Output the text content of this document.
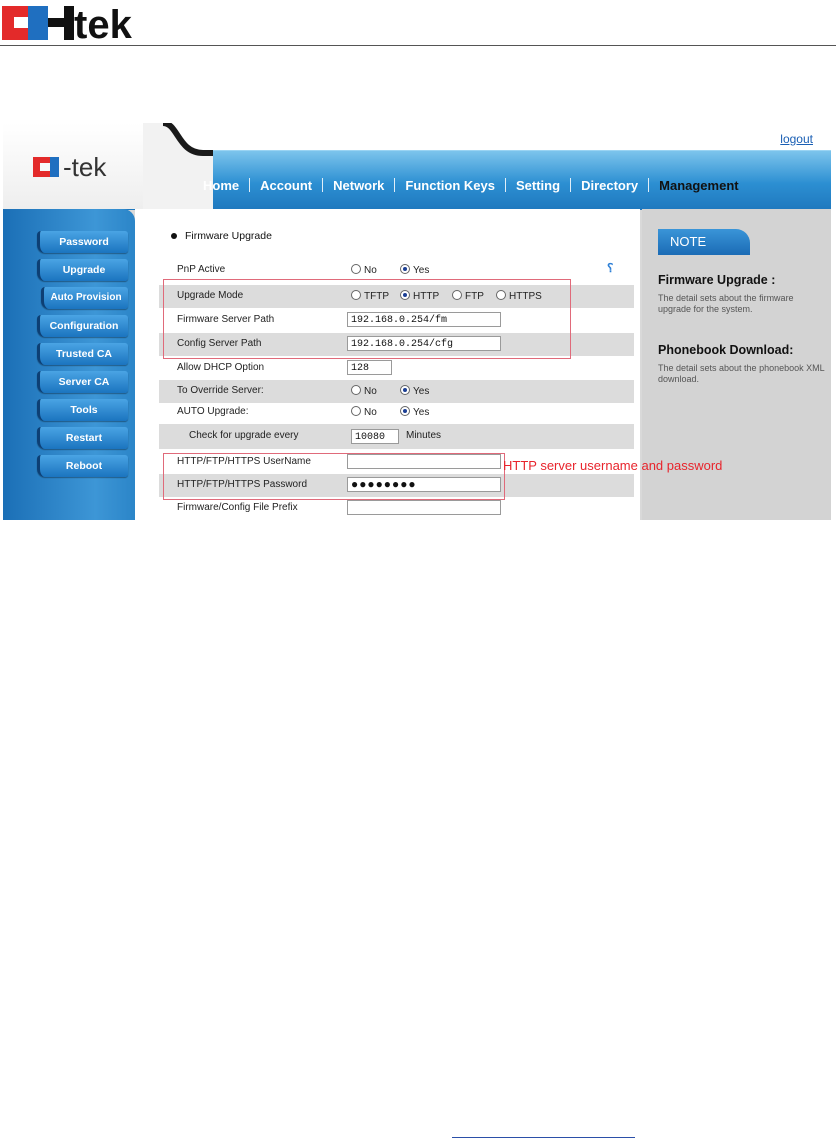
tek
-tek
logout
Home	Account	Network	Function Keys	Setting	Directory	Management
Password
Upgrade
Auto Provision
Configuration
Trusted CA
Server CA
Tools
Restart
Reboot
Firmware Upgrade
PnP Active	No	Yes	⸮
Upgrade Mode	TFTP	HTTP	FTP	HTTPS
Firmware Server Path	192.168.0.254/fm
Config Server Path	192.168.0.254/cfg
Allow DHCP Option	128
To Override Server:	No	Yes
AUTO Upgrade:	No	Yes
Check for upgrade every	10080	Minutes
HTTP/FTP/HTTPS UserName
HTTP/FTP/HTTPS Password	●●●●●●●●
Firmware/Config File Prefix
NOTE
Firmware Upgrade :
The detail sets about the firmware upgrade for the system.
Phonebook Download:
The detail sets about the phonebook XML download.
HTTP server username and password
